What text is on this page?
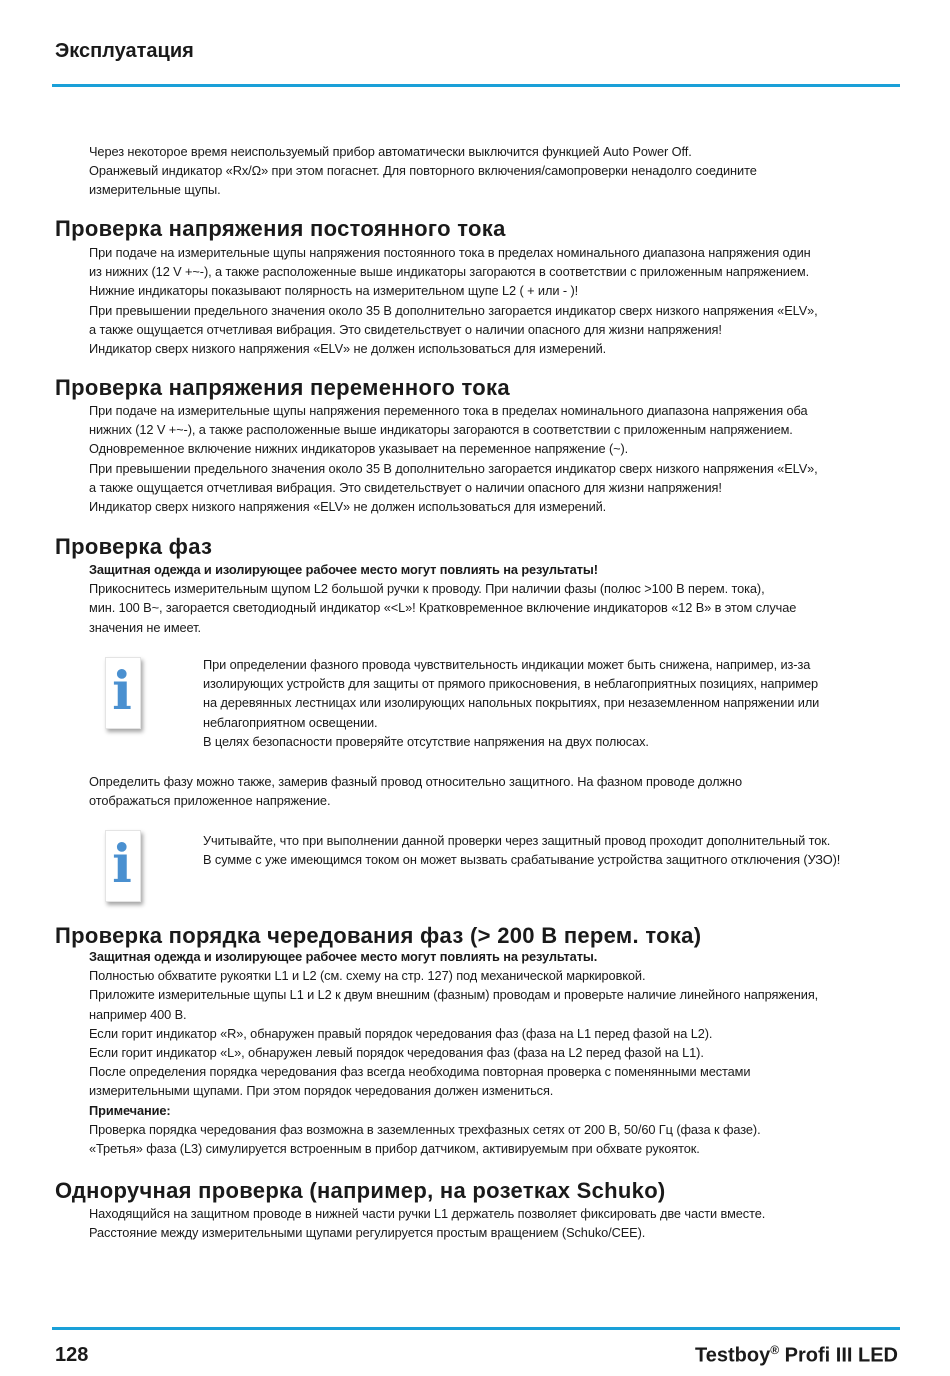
Эксплуатация
Через некоторое время неиспользуемый прибор автоматически выключится функцией Auto Power Off.
Оранжевый индикатор «Rx/Ω» при этом погаснет. Для повторного включения/самопроверки ненадолго соедините
измерительные щупы.
Проверка напряжения постоянного тока
При подаче на измерительные щупы напряжения постоянного тока в пределах номинального диапазона напряжения один
из нижних (12 V +~-), а также расположенные выше индикаторы загораются в соответствии с приложенным напряжением.
Нижние индикаторы показывают полярность на измерительном щупе L2 ( + или - )!
При превышении предельного значения около 35 В дополнительно загорается индикатор сверх низкого напряжения «ELV»,
а также ощущается отчетливая вибрация. Это свидетельствует о наличии опасного для жизни напряжения!
Индикатор сверх низкого напряжения «ELV» не должен использоваться для измерений.
Проверка напряжения переменного тока
При подаче на измерительные щупы напряжения переменного тока в пределах номинального диапазона напряжения оба
нижних (12 V +~-), а также расположенные выше индикаторы загораются в соответствии с приложенным напряжением.
Одновременное включение нижних индикаторов указывает на переменное напряжение (~).
При превышении предельного значения около 35 В дополнительно загорается индикатор сверх низкого напряжения «ELV»,
а также ощущается отчетливая вибрация. Это свидетельствует о наличии опасного для жизни напряжения!
Индикатор сверх низкого напряжения «ELV» не должен использоваться для измерений.
Проверка фаз
Защитная одежда и изолирующее рабочее место могут повлиять на результаты!
Прикоснитесь измерительным щупом L2 большой ручки к проводу. При наличии фазы (полюс >100 В перем. тока),
мин. 100 В~, загорается светодиодный индикатор «<L»! Кратковременное включение индикаторов «12 В» в этом случае
значения не имеет.
i	При определении фазного провода чувствительность индикации может быть снижена, например, из-за
изолирующих устройств для защиты от прямого прикосновения, в неблагоприятных позициях, например
на деревянных лестницах или изолирующих напольных покрытиях, при незаземленном напряжении или
неблагоприятном освещении.
В целях безопасности проверяйте отсутствие напряжения на двух полюсах.
Определить фазу можно также, замерив фазный провод относительно защитного. На фазном проводе должно
отображаться приложенное напряжение.
i	Учитывайте, что при выполнении данной проверки через защитный провод проходит дополнительный ток.
В сумме с уже имеющимся током он может вызвать срабатывание устройства защитного отключения (УЗО)!
Проверка порядка чередования фаз (> 200 В перем. тока)
Защитная одежда и изолирующее рабочее место могут повлиять на результаты.
Полностью обхватите рукоятки L1 и L2 (см. схему на стр. 127) под механической маркировкой.
Приложите измерительные щупы L1 и L2 к двум внешним (фазным) проводам и проверьте наличие линейного напряжения,
например 400 В.
Если горит индикатор «R», обнаружен правый порядок чередования фаз (фаза на L1 перед фазой на L2).
Если горит индикатор «L», обнаружен левый порядок чередования фаз (фаза на L2 перед фазой на L1).
После определения порядка чередования фаз всегда необходима повторная проверка с поменянными местами
измерительными щупами. При этом порядок чередования должен измениться.
Примечание:
Проверка порядка чередования фаз возможна в заземленных трехфазных сетях от 200 В, 50/60 Гц (фаза к фазе).
«Третья» фаза (L3) симулируется встроенным в прибор датчиком, активируемым при обхвате рукояток.
Одноручная проверка (например, на розетках Schuko)
Находящийся на защитном проводе в нижней части ручки L1 держатель позволяет фиксировать две части вместе.
Расстояние между измерительными щупами регулируется простым вращением (Schuko/CEE).
128	Testboy® Profi III LED
